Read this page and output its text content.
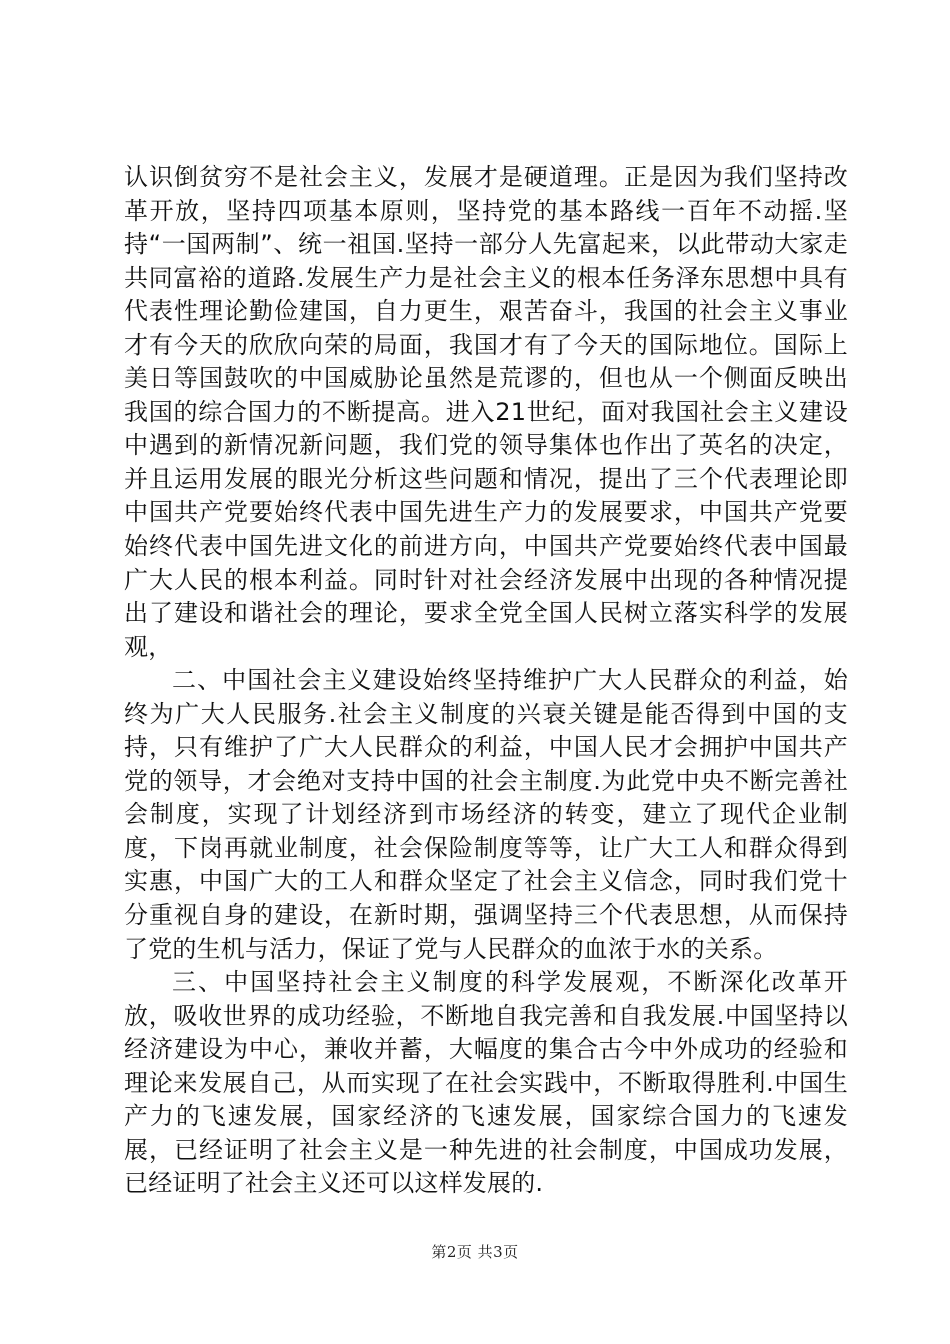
认识倒贫穷不是社会主义，发展才是硬道理。正是因为我们坚持改革开放，坚持四项基本原则，坚持党的基本路线一百年不动摇.坚持“一国两制”、统一祖国.坚持一部分人先富起来，以此带动大家走共同富裕的道路.发展生产力是社会主义的根本任务泽东思想中具有代表性理论勤俭建国，自力更生，艰苦奋斗，我国的社会主义事业才有今天的欣欣向荣的局面，我国才有了今天的国际地位。国际上美日等国鼓吹的中国威胁论虽然是荒谬的，但也从一个侧面反映出我国的综合国力的不断提高。进入21世纪，面对我国社会主义建设中遇到的新情况新问题，我们党的领导集体也作出了英名的决定，并且运用发展的眼光分析这些问题和情况，提出了三个代表理论即中国共产党要始终代表中国先进生产力的发展要求，中国共产党要始终代表中国先进文化的前进方向，中国共产党要始终代表中国最广大人民的根本利益。同时针对社会经济发展中出现的各种情况提出了建设和谐社会的理论，要求全党全国人民树立落实科学的发展观，

二、中国社会主义建设始终坚持维护广大人民群众的利益，始终为广大人民服务.社会主义制度的兴衰关键是能否得到中国的支持，只有维护了广大人民群众的利益，中国人民才会拥护中国共产党的领导，才会绝对支持中国的社会主制度.为此党中央不断完善社会制度，实现了计划经济到市场经济的转变，建立了现代企业制度，下岗再就业制度，社会保险制度等等，让广大工人和群众得到实惠，中国广大的工人和群众坚定了社会主义信念，同时我们党十分重视自身的建设，在新时期，强调坚持三个代表思想，从而保持了党的生机与活力，保证了党与人民群众的血浓于水的关系。

三、中国坚持社会主义制度的科学发展观，不断深化改革开放，吸收世界的成功经验，不断地自我完善和自我发展.中国坚持以经济建设为中心，兼收并蓄，大幅度的集合古今中外成功的经验和理论来发展自己，从而实现了在社会实践中，不断取得胜利.中国生产力的飞速发展，国家经济的飞速发展，国家综合国力的飞速发展，已经证明了社会主义是一种先进的社会制度，中国成功发展，已经证明了社会主义还可以这样发展的.

第2页 共3页
